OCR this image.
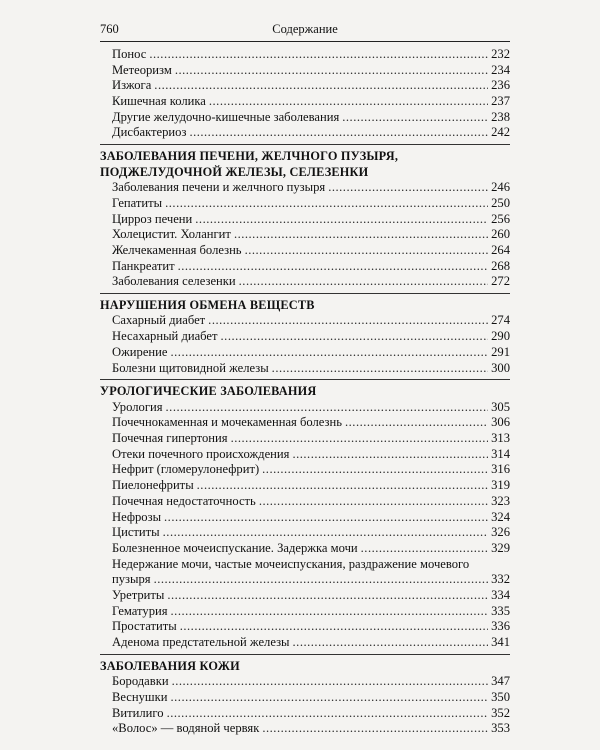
760	Содержание
Понос .....	232
Метеоризм .....	234
Изжога .....	236
Кишечная колика .....	237
Другие желудочно-кишечные заболевания .....	238
Дисбактериоз .....	242
ЗАБОЛЕВАНИЯ ПЕЧЕНИ, ЖЕЛЧНОГО ПУЗЫРЯ,
ПОДЖЕЛУДОЧНОЙ ЖЕЛЕЗЫ, СЕЛЕЗЕНКИ
Заболевания печени и желчного пузыря .....	246
Гепатиты .....	250
Цирроз печени .....	256
Холецистит. Холангит .....	260
Желчекаменная болезнь .....	264
Панкреатит .....	268
Заболевания селезенки .....	272
НАРУШЕНИЯ ОБМЕНА ВЕЩЕСТВ
Сахарный диабет .....	274
Несахарный диабет .....	290
Ожирение .....	291
Болезни щитовидной железы .....	300
УРОЛОГИЧЕСКИЕ ЗАБОЛЕВАНИЯ
Урология .....	305
Почечнокаменная и мочекаменная болезнь .....	306
Почечная гипертония .....	313
Отеки почечного происхождения .....	314
Нефрит (гломерулонефрит) .....	316
Пиелонефриты .....	319
Почечная недостаточность .....	323
Нефрозы .....	324
Циститы .....	326
Болезненное мочеиспускание. Задержка мочи .....	329
Недержание мочи, частые мочеиспускания, раздражение мочевого
пузыря .....	332
Уретриты .....	334
Гематурия .....	335
Простатиты .....	336
Аденома предстательной железы .....	341
ЗАБОЛЕВАНИЯ КОЖИ
Бородавки .....	347
Веснушки .....	350
Витилиго .....	352
«Волос» — водяной червяк .....	353
